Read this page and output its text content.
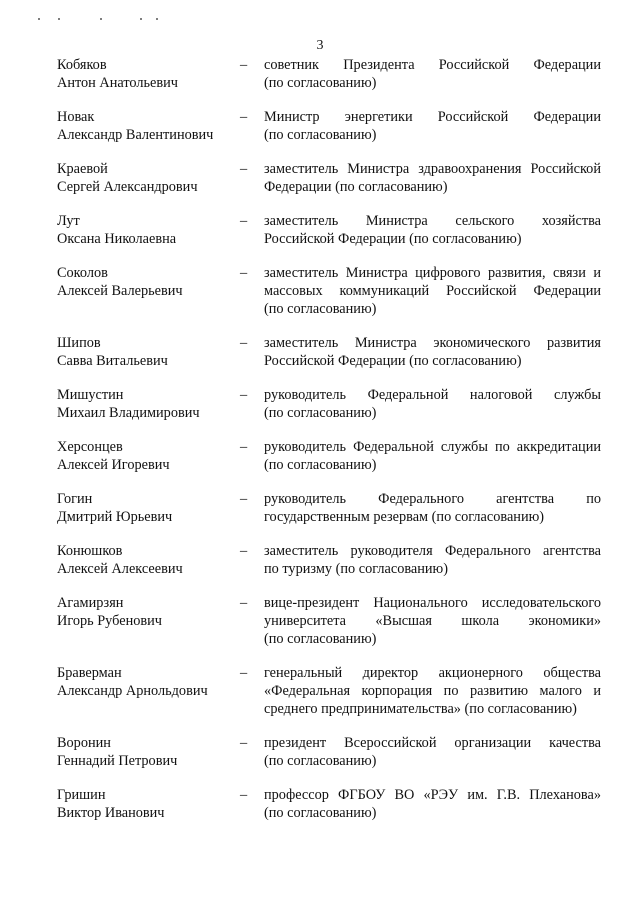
3
Кобяков
Антон Анатольевич
–	советник Президента Российской Федерации
(по согласованию)
Новак
Александр Валентинович
–	Министр энергетики Российской Федерации
(по согласованию)
Краевой
Сергей Александрович
–	заместитель Министра здравоохранения Российской
Федерации (по согласованию)
Лут
Оксана Николаевна
–	заместитель Министра сельского хозяйства
Российской Федерации (по согласованию)
Соколов
Алексей Валерьевич
–	заместитель Министра цифрового развития, связи и
массовых коммуникаций Российской Федерации
(по согласованию)
Шипов
Савва Витальевич
–	заместитель Министра экономического развития
Российской Федерации (по согласованию)
Мишустин
Михаил Владимирович
–	руководитель Федеральной налоговой службы
(по согласованию)
Херсонцев
Алексей Игоревич
–	руководитель Федеральной службы по аккредитации
(по согласованию)
Гогин
Дмитрий Юрьевич
–	руководитель Федерального агентства по
государственным резервам (по согласованию)
Конюшков
Алексей Алексеевич
–	заместитель руководителя Федерального агентства
по туризму (по согласованию)
Агамирзян
Игорь Рубенович
–	вице-президент Национального исследовательского
университета «Высшая школа экономики»
(по согласованию)
Браверман
Александр Арнольдович
–	генеральный директор акционерного общества
«Федеральная корпорация по развитию малого и
среднего предпринимательства» (по согласованию)
Воронин
Геннадий Петрович
–	президент Всероссийской организации качества
(по согласованию)
Гришин
Виктор Иванович
–	профессор ФГБОУ ВО «РЭУ им. Г.В. Плеханова»
(по согласованию)
